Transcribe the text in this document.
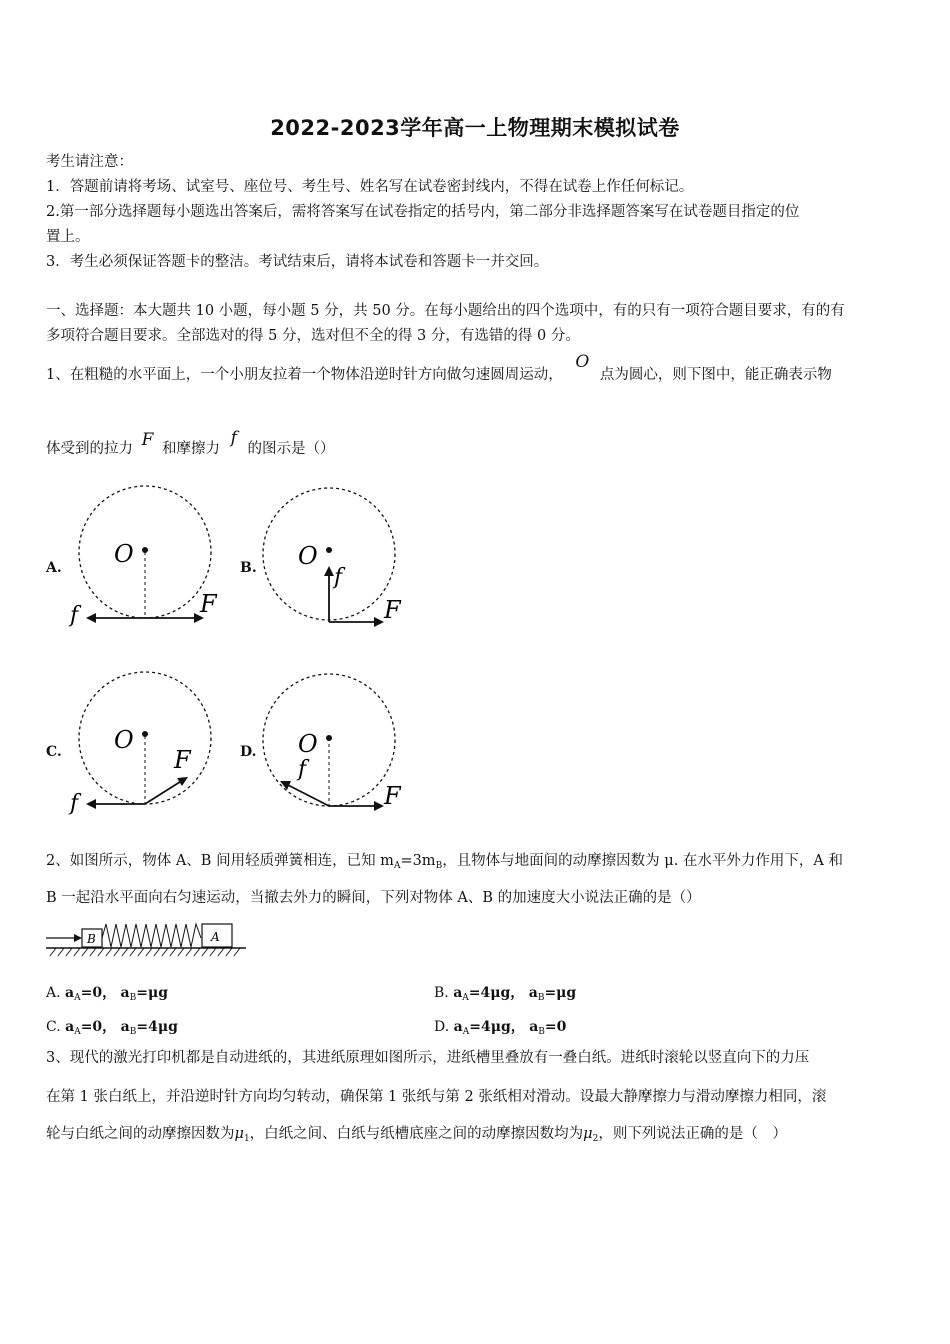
2022-2023学年高一上物理期末模拟试卷
考生请注意：
1．答题前请将考场、试室号、座位号、考生号、姓名写在试卷密封线内，不得在试卷上作任何标记。
2.第一部分选择题每小题选出答案后，需将答案写在试卷指定的括号内，第二部分非选择题答案写在试卷题目指定的位
置上。
3．考生必须保证答题卡的整洁。考试结束后，请将本试卷和答题卡一并交回。
一、选择题：本大题共 10 小题，每小题 5 分，共 50 分。在每小题给出的四个选项中，有的只有一项符合题目要求，有的有
多项符合题目要求。全部选对的得 5 分，选对但不全的得 3 分，有选错的得 0 分。
1、在粗糙的水平面上，一个小朋友拉着一个物体沿逆时针方向做匀速圆周运动， O 点为圆心，则下图中，能正确表示物
体受到的拉力 F 和摩擦力 f 的图示是（）
A. O
f	F
B. O
f
F
C. O
f
F	D. O
f
F
2、如图所示，物体 A、B 间用轻质弹簧相连，已知 $m_A=3m_B$，且物体与地面间的动摩擦因数为 μ. 在水平外力作用下，A 和
B 一起沿水平面向右匀速运动，当撤去外力的瞬间，下列对物体 A、B 的加速度大小说法正确的是（）
B	A
A. $a_A=0$， $a_B=\mu g$	B. $a_A=4\mu g$， $a_B=\mu g$
C. $a_A=0$， $a_B=4\mu g$	D. $a_A=4\mu g$， $a_B=0$
3、现代的激光打印机都是自动进纸的，其进纸原理如图所示，进纸槽里叠放有一叠白纸。进纸时滚轮以竖直向下的力压
在第 1 张白纸上，并沿逆时针方向均匀转动，确保第 1 张纸与第 2 张纸相对滑动。设最大静摩擦力与滑动摩擦力相同，滚
轮与白纸之间的动摩擦因数为$\mu_1$，白纸之间、白纸与纸槽底座之间的动摩擦因数均为$\mu_2$，则下列说法正确的是（　）
